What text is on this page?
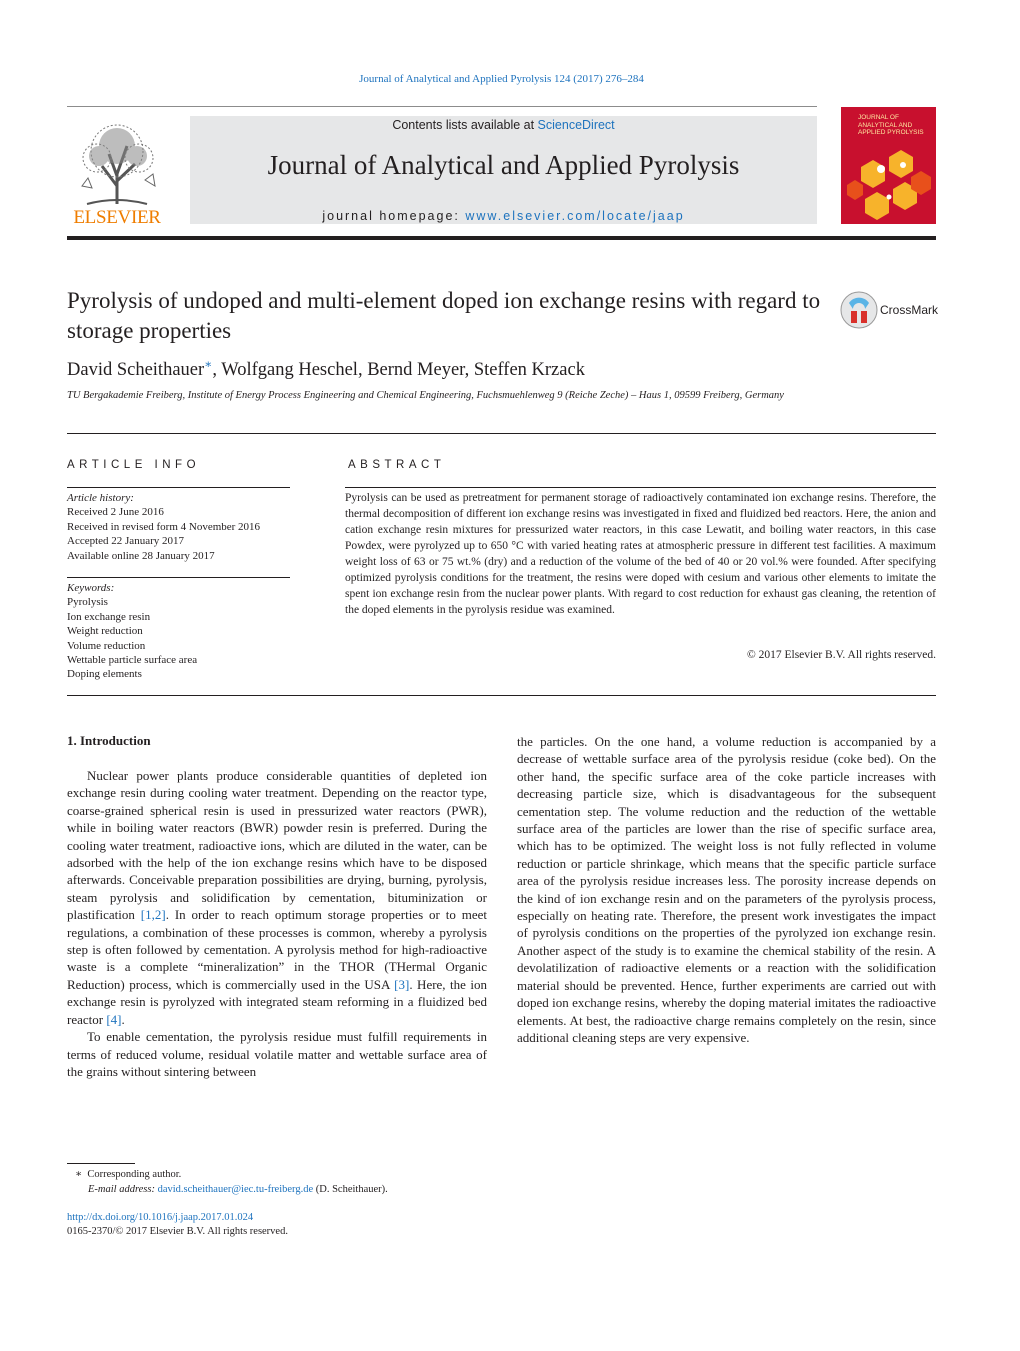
Journal of Analytical and Applied Pyrolysis 124 (2017) 276–284
ELSEVIER
Contents lists available at ScienceDirect
Journal of Analytical and Applied Pyrolysis
journal homepage: www.elsevier.com/locate/jaap
JOURNAL OF ANALYTICAL AND APPLIED PYROLYSIS
Pyrolysis of undoped and multi-element doped ion exchange resins with regard to storage properties
CrossMark
David Scheithauer∗, Wolfgang Heschel, Bernd Meyer, Steffen Krzack
TU Bergakademie Freiberg, Institute of Energy Process Engineering and Chemical Engineering, Fuchsmuehlenweg 9 (Reiche Zeche) – Haus 1, 09599 Freiberg, Germany
ARTICLE INFO	ABSTRACT
Article history:
Received 2 June 2016
Received in revised form 4 November 2016
Accepted 22 January 2017
Available online 28 January 2017
Keywords:
Pyrolysis
Ion exchange resin
Weight reduction
Volume reduction
Wettable particle surface area
Doping elements
Pyrolysis can be used as pretreatment for permanent storage of radioactively contaminated ion exchange resins. Therefore, the thermal decomposition of different ion exchange resins was investigated in fixed and fluidized bed reactors. Here, the anion and cation exchange resin mixtures for pressurized water reactors, in this case Lewatit, and boiling water reactors, in this case Powdex, were pyrolyzed up to 650 °C with varied heating rates at atmospheric pressure in different test facilities. A maximum weight loss of 63 or 75 wt.% (dry) and a reduction of the volume of the bed of 40 or 20 vol.% were founded. After specifying optimized pyrolysis conditions for the treatment, the resins were doped with cesium and various other elements to imitate the spent ion exchange resin from the nuclear power plants. With regard to cost reduction for exhaust gas cleaning, the retention of the doped elements in the pyrolysis residue was examined.
© 2017 Elsevier B.V. All rights reserved.
1. Introduction

Nuclear power plants produce considerable quantities of depleted ion exchange resin during cooling water treatment. Depending on the reactor type, coarse-grained spherical resin is used in pressurized water reactors (PWR), while in boiling water reactors (BWR) powder resin is preferred. During the cooling water treatment, radioactive ions, which are diluted in the water, can be adsorbed with the help of the ion exchange resins which have to be disposed afterwards. Conceivable preparation possibilities are drying, burning, pyrolysis, steam pyrolysis and solidification by cementation, bituminization or plastification [1,2]. In order to reach optimum storage properties or to meet regulations, a combination of these processes is common, whereby a pyrolysis step is often followed by cementation. A pyrolysis method for high-radioactive waste is a complete “mineralization” in the THOR (THermal Organic Reduction) process, which is commercially used in the USA [3]. Here, the ion exchange resin is pyrolyzed with integrated steam reforming in a fluidized bed reactor [4].

To enable cementation, the pyrolysis residue must fulfill requirements in terms of reduced volume, residual volatile matter and wettable surface area of the grains without sintering between

the particles. On the one hand, a volume reduction is accompanied by a decrease of wettable surface area of the pyrolysis residue (coke bed). On the other hand, the specific surface area of the coke particle increases with decreasing particle size, which is disadvantageous for the subsequent cementation step. The volume reduction and the reduction of the wettable surface area of the particles are lower than the rise of specific surface area, which has to be optimized. The weight loss is not fully reflected in volume reduction or particle shrinkage, which means that the specific particle surface area of the pyrolysis residue increases less. The porosity increase depends on the kind of ion exchange resin and on the parameters of the pyrolysis process, especially on heating rate. Therefore, the present work investigates the impact of pyrolysis conditions on the properties of the pyrolyzed ion exchange resin. Another aspect of the study is to examine the chemical stability of the resin. A devolatilization of radioactive elements or a reaction with the solidification material should be prevented. Hence, further experiments are carried out with doped ion exchange resins, whereby the doping material imitates the radioactive elements. At best, the radioactive charge remains completely on the resin, since additional cleaning steps are very expensive.

∗ Corresponding author.
E-mail address: david.scheithauer@iec.tu-freiberg.de (D. Scheithauer).
http://dx.doi.org/10.1016/j.jaap.2017.01.024
0165-2370/© 2017 Elsevier B.V. All rights reserved.
